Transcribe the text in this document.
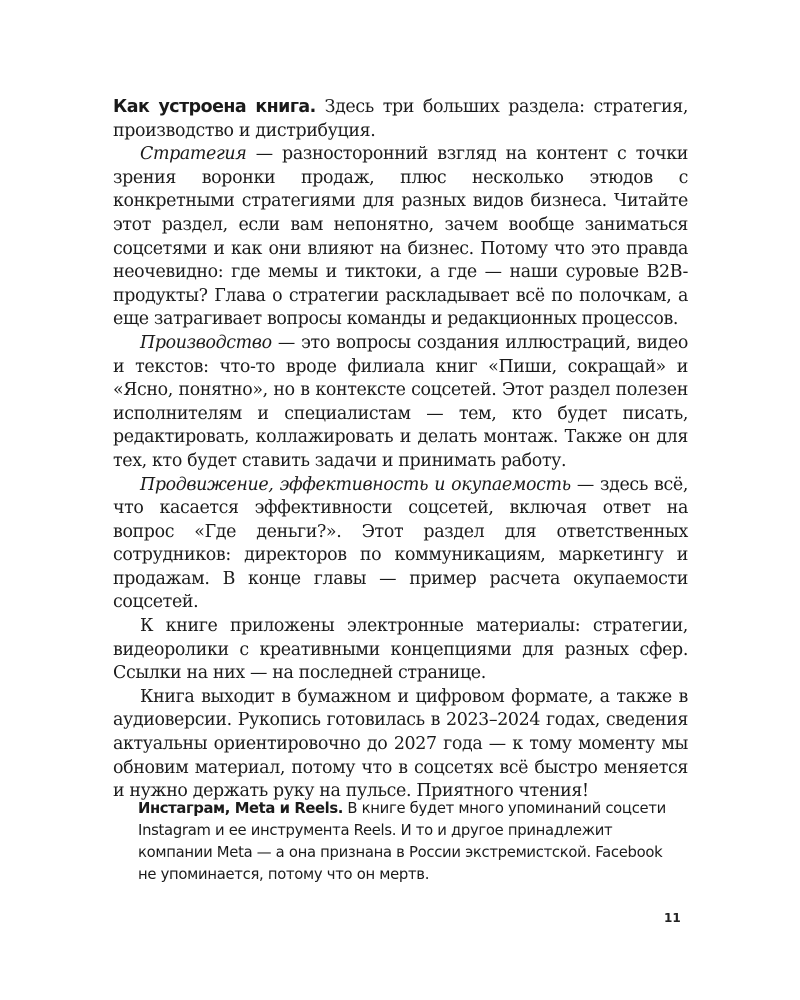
Как устроена книга. Здесь три больших раздела: стратегия, производство и дистрибуция.

Стратегия — разносторонний взгляд на контент с точки зрения воронки продаж, плюс несколько этюдов с конкретными стратегиями для разных видов бизнеса. Читайте этот раздел, если вам непонятно, зачем вообще заниматься соцсетями и как они влияют на бизнес. Потому что это правда неочевидно: где мемы и тиктоки, а где — наши суровые B2B-продукты? Глава о стратегии раскладывает всё по полочкам, а еще затрагивает вопросы команды и редакционных процессов.

Производство — это вопросы создания иллюстраций, видео и текстов: что-то вроде филиала книг «Пиши, сокращай» и «Ясно, понятно», но в контексте соцсетей. Этот раздел полезен исполнителям и специалистам — тем, кто будет писать, редактировать, коллажировать и делать монтаж. Также он для тех, кто будет ставить задачи и принимать работу.

Продвижение, эффективность и окупаемость — здесь всё, что касается эффективности соцсетей, включая ответ на вопрос «Где деньги?». Этот раздел для ответственных сотрудников: директоров по коммуникациям, маркетингу и продажам. В конце главы — пример расчета окупаемости соцсетей.

К книге приложены электронные материалы: стратегии, видеоролики с креативными концепциями для разных сфер. Ссылки на них — на последней странице.

Книга выходит в бумажном и цифровом формате, а также в аудиоверсии. Рукопись готовилась в 2023–2024 годах, сведения актуальны ориентировочно до 2027 года — к тому моменту мы обновим материал, потому что в соцсетях всё быстро меняется и нужно держать руку на пульсе. Приятного чтения!

Инстаграм, Meta и Reels. В книге будет много упоминаний соцсети Instagram и ее инструмента Reels. И то и другое принадлежит компании Meta — а она признана в России экстремистской. Facebook не упоминается, потому что он мертв.

11
